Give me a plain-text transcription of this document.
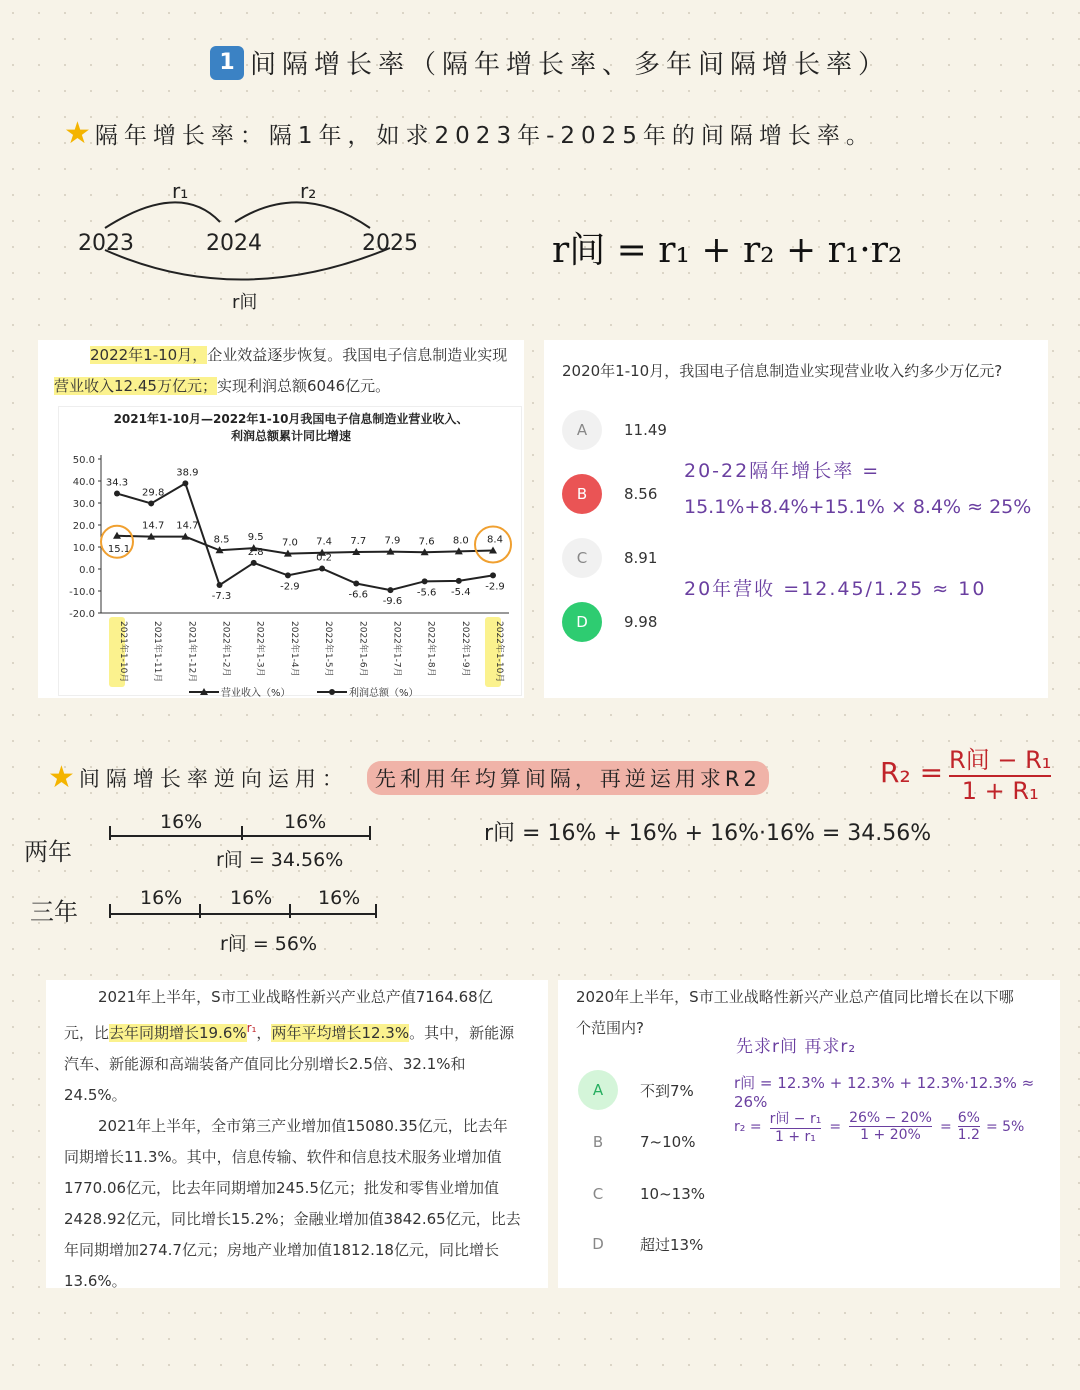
1 间隔增长率（隔年增长率、多年间隔增长率）
★ 隔年增长率：隔1年，如求2023年-2025年的间隔增长率。
2023	2024	2025
r₁	r₂
r间
r间 = r₁ + r₂ + r₁·r₂
2022年1-10月，企业效益逐步恢复。我国电子信息制造业实现
营业收入12.45万亿元；实现利润总额6046亿元。
2021年1-10月—2022年1-10月我国电子信息制造业营业收入、
利润总额累计同比增速
50.0
40.0
30.0
20.0
10.0
0.0
-10.0
-20.0
2021年1-10月	2021年1-11月	2021年1-12月	2022年1-2月	2022年1-3月	2022年1-4月	2022年1-5月	2022年1-6月	2022年1-7月	2022年1-8月	2022年1-9月	2022年1-10月
15.1
14.7 14.7
8.5 9.5 7.0 7.4 7.7 7.9 7.6 8.0 8.4
34.3
29.8
38.9
-7.3
2.8
-2.9
0.2
-6.6
-9.6
-5.6 -5.4 -2.9
营业收入（%）	利润总额（%）
2020年1-10月，我国电子信息制造业实现营业收入约多少万亿元?
A	11.49
B	8.56
C	8.91
D	9.98
20-22隔年增长率 =
15.1%+8.4%+15.1% × 8.4% ≈ 25%
20年营收 =12.45/1.25 ≈ 10
★ 间隔增长率逆向运用：	先利用年均算间隔，再逆运用求R2	R₂ = R间 − R₁
1 + R₁
16%	16%
r间 = 34.56%
两年
16%	16% 16%
r间 = 56%
三年
r间 = 16% + 16% + 16%·16% = 34.56%
2021年上半年，S市工业战略性新兴产业总产值7164.68亿
元，比去年同期增长19.6%$^{r_1}$，两年平均增长12.3%。其中，新能源
汽车、新能源和高端装备产值同比分别增长2.5倍、32.1%和
24.5%。
2021年上半年，全市第三产业增加值15080.35亿元，比去年
同期增长11.3%。其中，信息传输、软件和信息技术服务业增加值
1770.06亿元，比去年同期增加245.5亿元；批发和零售业增加值
2428.92亿元，同比增长15.2%；金融业增加值3842.65亿元，比去
年同期增加274.7亿元；房地产业增加值1812.18亿元，同比增长
13.6%。
2020年上半年，S市工业战略性新兴产业总产值同比增长在以下哪
个范围内?
A	不到7%
B	7~10%
C	10~13%
D	超过13%
先求r间 再求r₂
r间 = 12.3% + 12.3% + 12.3%·12.3% ≈ 26%
r₂ = r间 − r₁
1 + r₁
=
26% − 20%
1 + 20%
=
6%
1.2
= 5%
